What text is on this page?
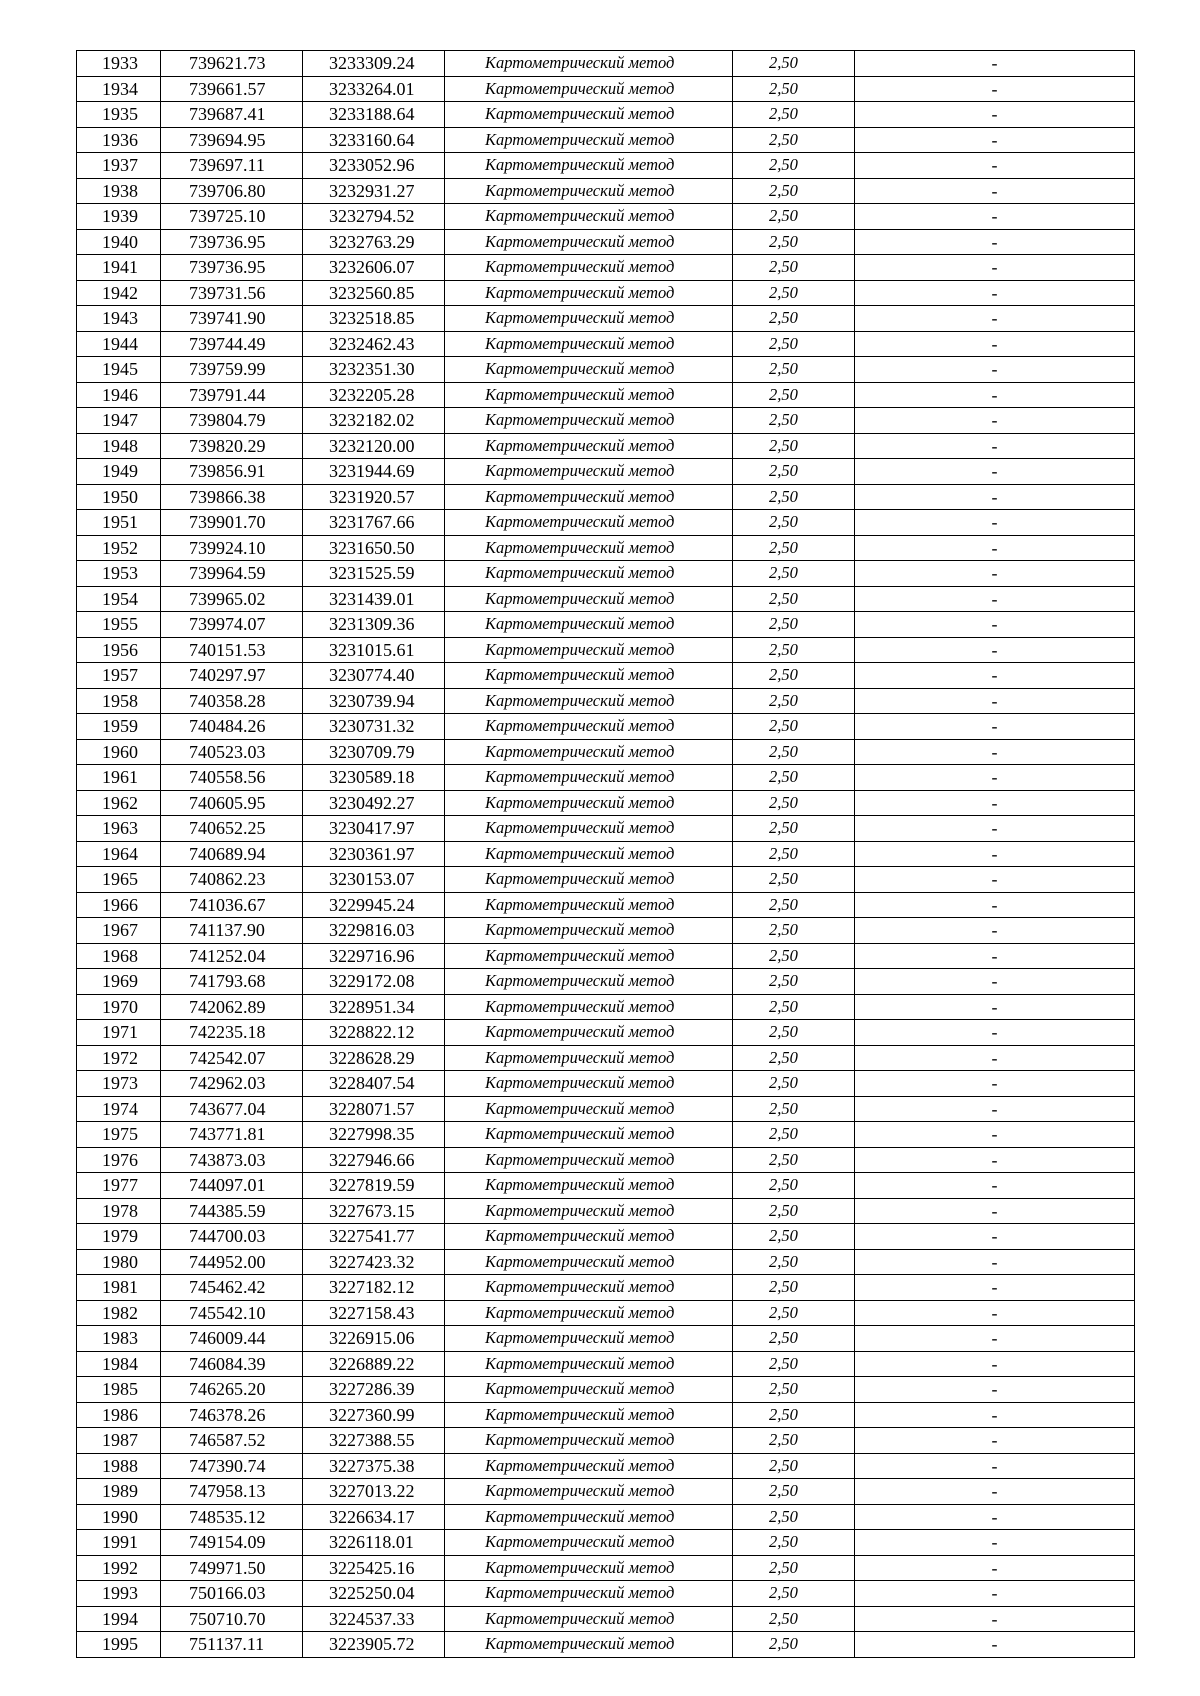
1933	739621.73	3233309.24	Картометрический метод	2,50	-
1934	739661.57	3233264.01	Картометрический метод	2,50	-
1935	739687.41	3233188.64	Картометрический метод	2,50	-
1936	739694.95	3233160.64	Картометрический метод	2,50	-
1937	739697.11	3233052.96	Картометрический метод	2,50	-
1938	739706.80	3232931.27	Картометрический метод	2,50	-
1939	739725.10	3232794.52	Картометрический метод	2,50	-
1940	739736.95	3232763.29	Картометрический метод	2,50	-
1941	739736.95	3232606.07	Картометрический метод	2,50	-
1942	739731.56	3232560.85	Картометрический метод	2,50	-
1943	739741.90	3232518.85	Картометрический метод	2,50	-
1944	739744.49	3232462.43	Картометрический метод	2,50	-
1945	739759.99	3232351.30	Картометрический метод	2,50	-
1946	739791.44	3232205.28	Картометрический метод	2,50	-
1947	739804.79	3232182.02	Картометрический метод	2,50	-
1948	739820.29	3232120.00	Картометрический метод	2,50	-
1949	739856.91	3231944.69	Картометрический метод	2,50	-
1950	739866.38	3231920.57	Картометрический метод	2,50	-
1951	739901.70	3231767.66	Картометрический метод	2,50	-
1952	739924.10	3231650.50	Картометрический метод	2,50	-
1953	739964.59	3231525.59	Картометрический метод	2,50	-
1954	739965.02	3231439.01	Картометрический метод	2,50	-
1955	739974.07	3231309.36	Картометрический метод	2,50	-
1956	740151.53	3231015.61	Картометрический метод	2,50	-
1957	740297.97	3230774.40	Картометрический метод	2,50	-
1958	740358.28	3230739.94	Картометрический метод	2,50	-
1959	740484.26	3230731.32	Картометрический метод	2,50	-
1960	740523.03	3230709.79	Картометрический метод	2,50	-
1961	740558.56	3230589.18	Картометрический метод	2,50	-
1962	740605.95	3230492.27	Картометрический метод	2,50	-
1963	740652.25	3230417.97	Картометрический метод	2,50	-
1964	740689.94	3230361.97	Картометрический метод	2,50	-
1965	740862.23	3230153.07	Картометрический метод	2,50	-
1966	741036.67	3229945.24	Картометрический метод	2,50	-
1967	741137.90	3229816.03	Картометрический метод	2,50	-
1968	741252.04	3229716.96	Картометрический метод	2,50	-
1969	741793.68	3229172.08	Картометрический метод	2,50	-
1970	742062.89	3228951.34	Картометрический метод	2,50	-
1971	742235.18	3228822.12	Картометрический метод	2,50	-
1972	742542.07	3228628.29	Картометрический метод	2,50	-
1973	742962.03	3228407.54	Картометрический метод	2,50	-
1974	743677.04	3228071.57	Картометрический метод	2,50	-
1975	743771.81	3227998.35	Картометрический метод	2,50	-
1976	743873.03	3227946.66	Картометрический метод	2,50	-
1977	744097.01	3227819.59	Картометрический метод	2,50	-
1978	744385.59	3227673.15	Картометрический метод	2,50	-
1979	744700.03	3227541.77	Картометрический метод	2,50	-
1980	744952.00	3227423.32	Картометрический метод	2,50	-
1981	745462.42	3227182.12	Картометрический метод	2,50	-
1982	745542.10	3227158.43	Картометрический метод	2,50	-
1983	746009.44	3226915.06	Картометрический метод	2,50	-
1984	746084.39	3226889.22	Картометрический метод	2,50	-
1985	746265.20	3227286.39	Картометрический метод	2,50	-
1986	746378.26	3227360.99	Картометрический метод	2,50	-
1987	746587.52	3227388.55	Картометрический метод	2,50	-
1988	747390.74	3227375.38	Картометрический метод	2,50	-
1989	747958.13	3227013.22	Картометрический метод	2,50	-
1990	748535.12	3226634.17	Картометрический метод	2,50	-
1991	749154.09	3226118.01	Картометрический метод	2,50	-
1992	749971.50	3225425.16	Картометрический метод	2,50	-
1993	750166.03	3225250.04	Картометрический метод	2,50	-
1994	750710.70	3224537.33	Картометрический метод	2,50	-
1995	751137.11	3223905.72	Картометрический метод	2,50	-
